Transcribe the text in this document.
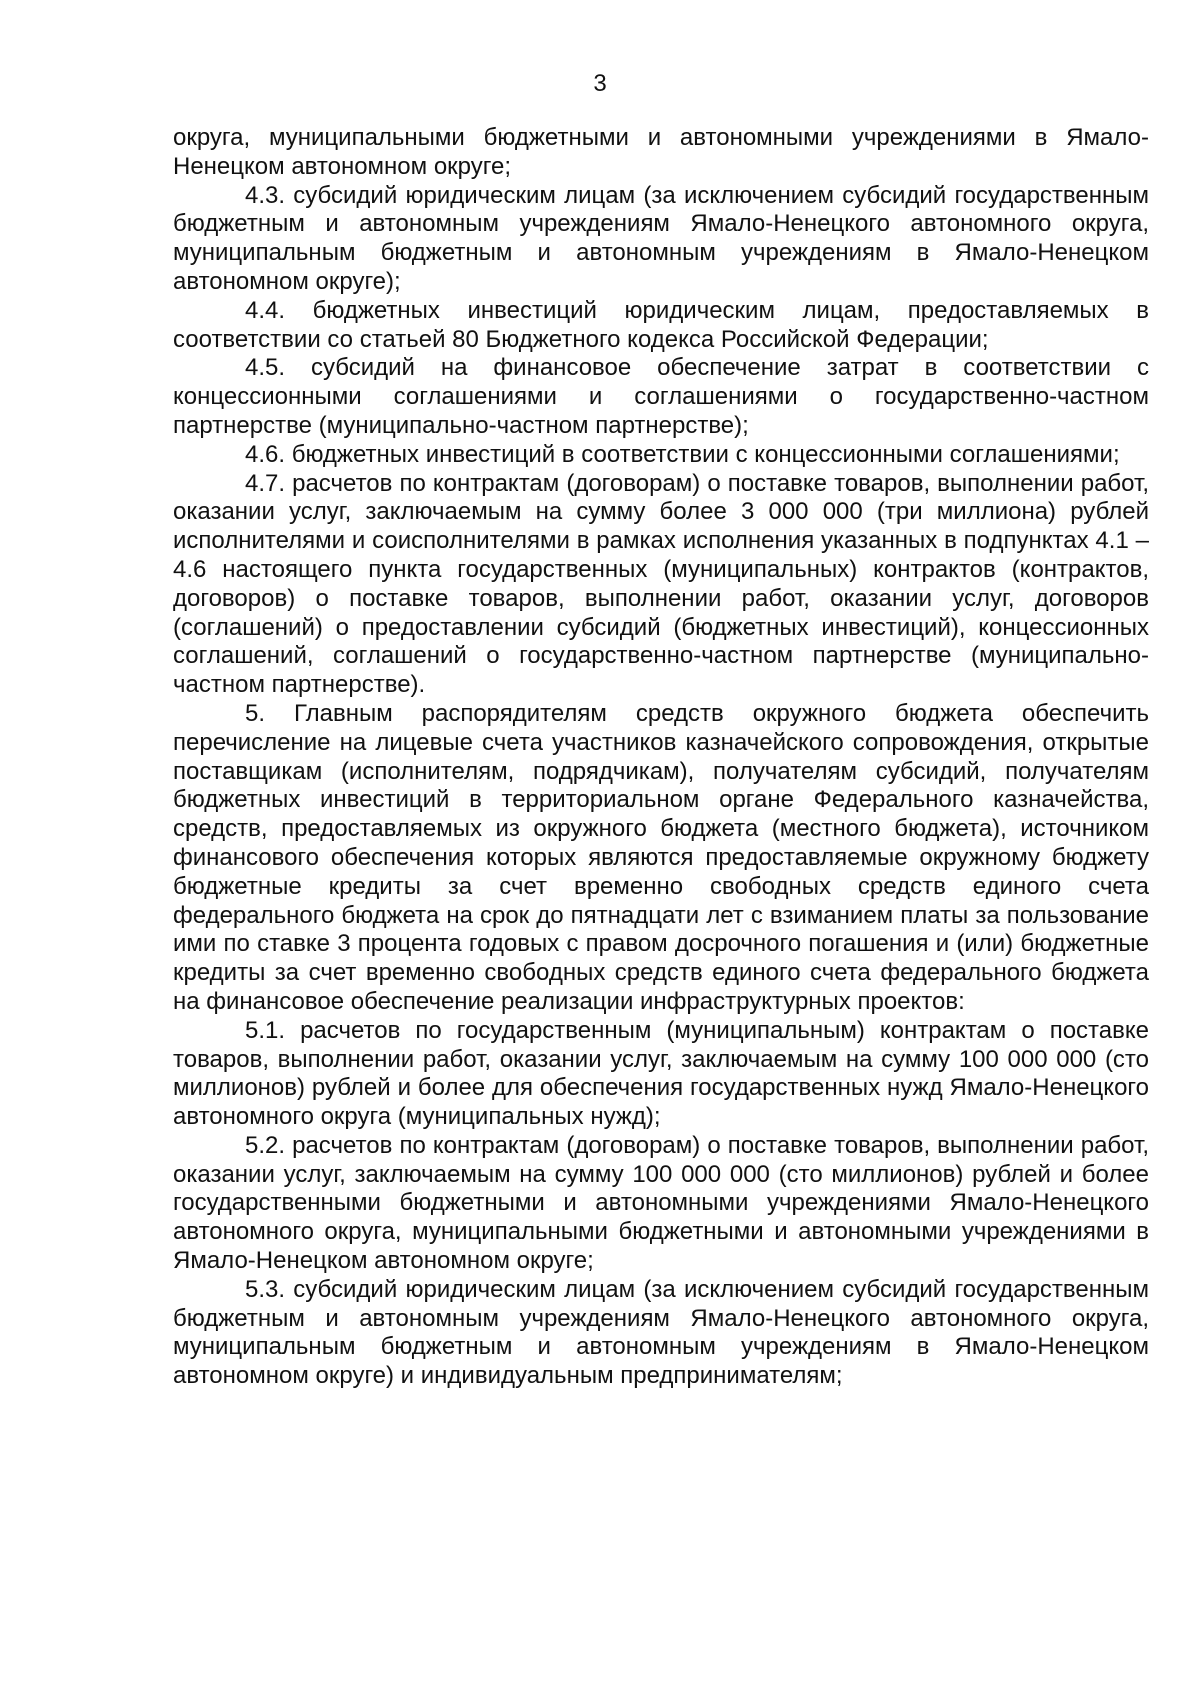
3

округа, муниципальными бюджетными и автономными учреждениями в Ямало-Ненецком автономном округе;

4.3. субсидий юридическим лицам (за исключением субсидий государственным бюджетным и автономным учреждениям Ямало-Ненецкого автономного округа, муниципальным бюджетным и автономным учреждениям в Ямало-Ненецком автономном округе);

4.4. бюджетных инвестиций юридическим лицам, предоставляемых в соответствии со статьей 80 Бюджетного кодекса Российской Федерации;

4.5. субсидий на финансовое обеспечение затрат в соответствии с концессионными соглашениями и соглашениями о государственно-частном партнерстве (муниципально-частном партнерстве);

4.6. бюджетных инвестиций в соответствии с концессионными соглашениями;

4.7. расчетов по контрактам (договорам) о поставке товаров, выполнении работ, оказании услуг, заключаемым на сумму более 3 000 000 (три миллиона) рублей исполнителями и соисполнителями в рамках исполнения указанных в подпунктах 4.1 – 4.6 настоящего пункта государственных (муниципальных) контрактов (контрактов, договоров) о поставке товаров, выполнении работ, оказании услуг, договоров (соглашений) о предоставлении субсидий (бюджетных инвестиций), концессионных соглашений, соглашений о государственно-частном партнерстве (муниципально-частном партнерстве).

5. Главным распорядителям средств окружного бюджета обеспечить перечисление на лицевые счета участников казначейского сопровождения, открытые поставщикам (исполнителям, подрядчикам), получателям субсидий, получателям бюджетных инвестиций в территориальном органе Федерального казначейства, средств, предоставляемых из окружного бюджета (местного бюджета), источником финансового обеспечения которых являются предоставляемые окружному бюджету бюджетные кредиты за счет временно свободных средств единого счета федерального бюджета на срок до пятнадцати лет с взиманием платы за пользование ими по ставке 3 процента годовых с правом досрочного погашения и (или) бюджетные кредиты за счет временно свободных средств единого счета федерального бюджета на финансовое обеспечение реализации инфраструктурных проектов:

5.1. расчетов по государственным (муниципальным) контрактам о поставке товаров, выполнении работ, оказании услуг, заключаемым на сумму 100 000 000 (сто миллионов) рублей и более для обеспечения государственных нужд Ямало-Ненецкого автономного округа (муниципальных нужд);

5.2. расчетов по контрактам (договорам) о поставке товаров, выполнении работ, оказании услуг, заключаемым на сумму 100 000 000 (сто миллионов) рублей и более государственными бюджетными и автономными учреждениями Ямало-Ненецкого автономного округа, муниципальными бюджетными и автономными учреждениями в Ямало-Ненецком автономном округе;

5.3. субсидий юридическим лицам (за исключением субсидий государственным бюджетным и автономным учреждениям Ямало-Ненецкого автономного округа, муниципальным бюджетным и автономным учреждениям в Ямало-Ненецком автономном округе) и индивидуальным предпринимателям;
